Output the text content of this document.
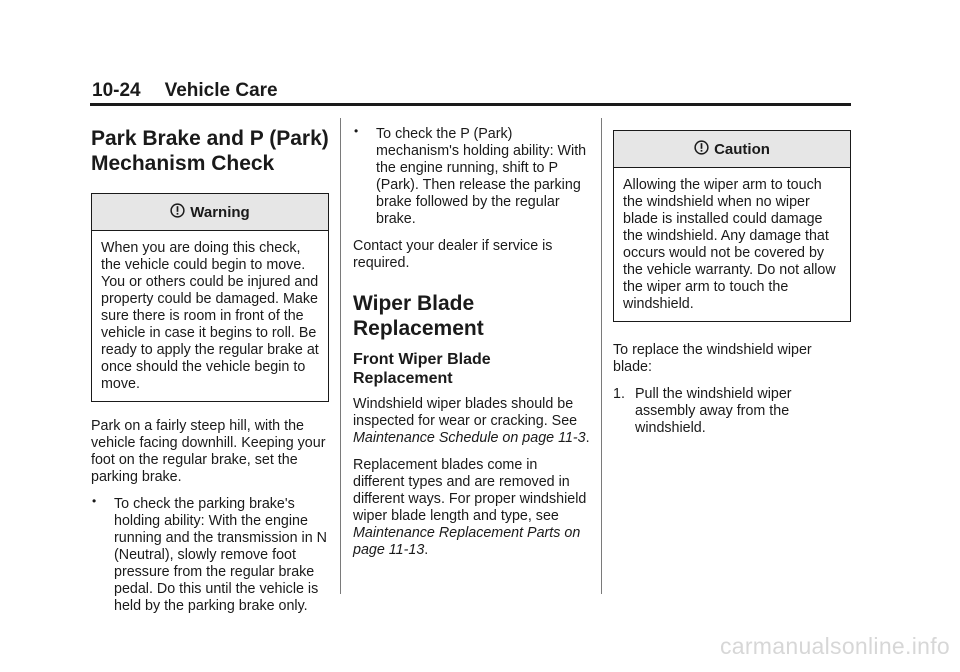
10-24 Vehicle Care
Park Brake and P (Park) Mechanism Check
Warning
When you are doing this check, the vehicle could begin to move. You or others could be injured and property could be damaged. Make sure there is room in front of the vehicle in case it begins to roll. Be ready to apply the regular brake at once should the vehicle begin to move.

Park on a fairly steep hill, with the vehicle facing downhill. Keeping your foot on the regular brake, set the parking brake.

• To check the parking brake's holding ability: With the engine running and the transmission in N (Neutral), slowly remove foot pressure from the regular brake pedal. Do this until the vehicle is held by the parking brake only.
• To check the P (Park) mechanism's holding ability: With the engine running, shift to P (Park). Then release the parking brake followed by the regular brake.

Contact your dealer if service is required.

Wiper Blade Replacement
Front Wiper Blade Replacement

Windshield wiper blades should be inspected for wear or cracking. See Maintenance Schedule on page 11-3.

Replacement blades come in different types and are removed in different ways. For proper windshield wiper blade length and type, see Maintenance Replacement Parts on page 11-13.

Caution
Allowing the wiper arm to touch the windshield when no wiper blade is installed could damage the windshield. Any damage that occurs would not be covered by the vehicle warranty. Do not allow the wiper arm to touch the windshield.

To replace the windshield wiper blade:

1. Pull the windshield wiper assembly away from the windshield.
carmanualsonline.info
